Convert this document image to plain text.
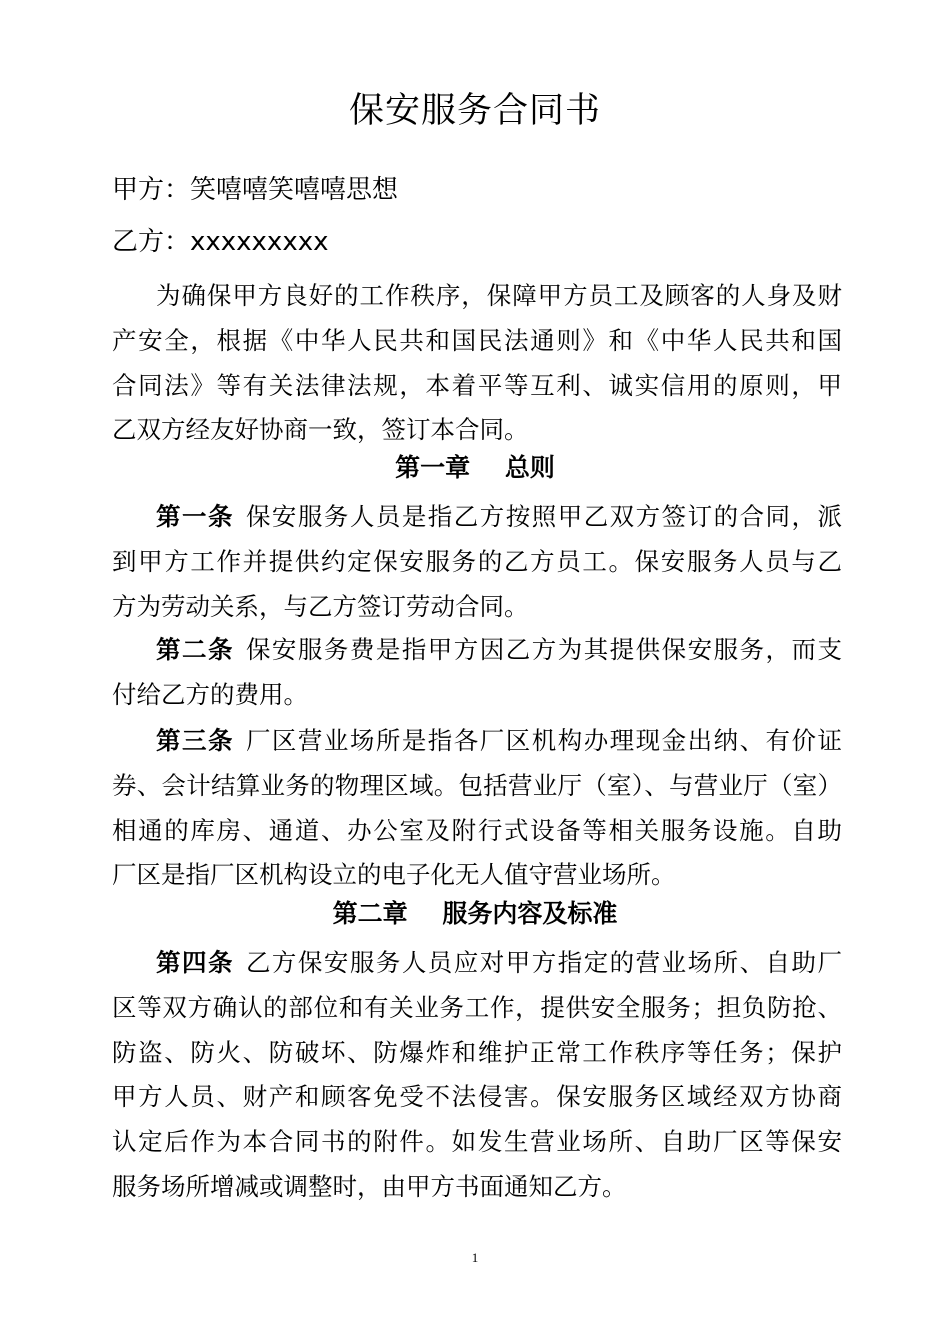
保安服务合同书
甲方：笑嘻嘻笑嘻嘻思想
乙方：xxxxxxxxx
为确保甲方良好的工作秩序，保障甲方员工及顾客的人身及财
产安全，根据《中华人民共和国民法通则》和《中华人民共和国
合同法》等有关法律法规，本着平等互利、诚实信用的原则，甲
乙双方经友好协商一致，签订本合同。
第一章    总则
第一条 保安服务人员是指乙方按照甲乙双方签订的合同，派
到甲方工作并提供约定保安服务的乙方员工。保安服务人员与乙
方为劳动关系，与乙方签订劳动合同。
第二条 保安服务费是指甲方因乙方为其提供保安服务，而支
付给乙方的费用。
第三条 厂区营业场所是指各厂区机构办理现金出纳、有价证
券、会计结算业务的物理区域。包括营业厅（室）、与营业厅（室）
相通的库房、通道、办公室及附行式设备等相关服务设施。自助
厂区是指厂区机构设立的电子化无人值守营业场所。
第二章    服务内容及标准
第四条 乙方保安服务人员应对甲方指定的营业场所、自助厂
区等双方确认的部位和有关业务工作，提供安全服务；担负防抢、
防盗、防火、防破坏、防爆炸和维护正常工作秩序等任务；保护
甲方人员、财产和顾客免受不法侵害。保安服务区域经双方协商
认定后作为本合同书的附件。如发生营业场所、自助厂区等保安
服务场所增减或调整时，由甲方书面通知乙方。
1
